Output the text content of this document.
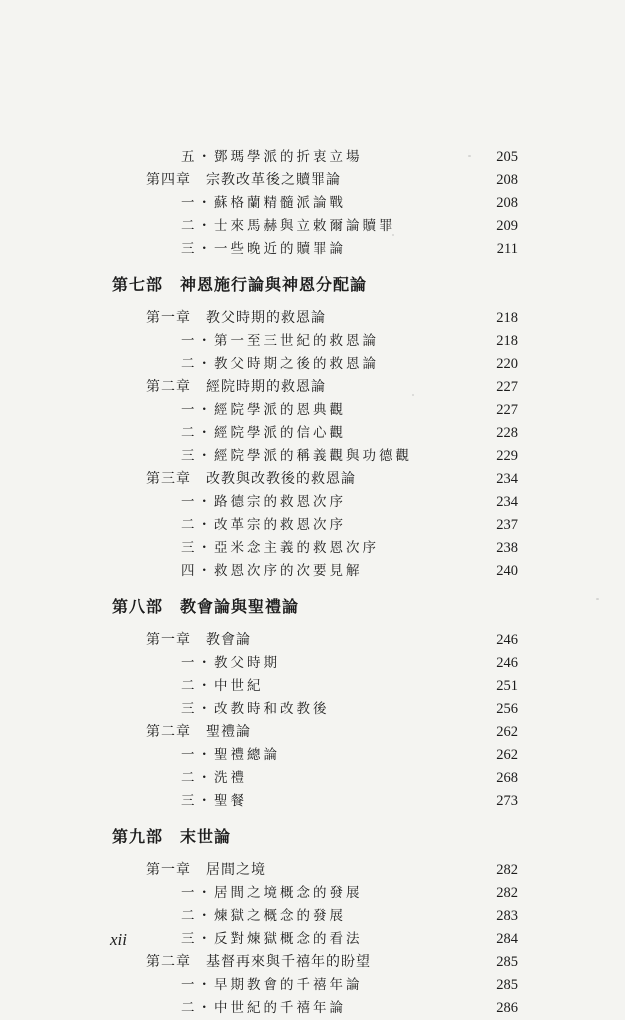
五・鄧瑪學派的折衷立場	205
第四章　宗教改革後之贖罪論	208
一・蘇格蘭精髓派論戰	208
二・士來馬赫與立敕爾論贖罪	209
三・一些晚近的贖罪論	211
第七部　神恩施行論與神恩分配論
第一章　教父時期的救恩論	218
一・第一至三世紀的救恩論	218
二・教父時期之後的救恩論	220
第二章　經院時期的救恩論	227
一・經院學派的恩典觀	227
二・經院學派的信心觀	228
三・經院學派的稱義觀與功德觀	229
第三章　改教與改教後的救恩論	234
一・路德宗的救恩次序	234
二・改革宗的救恩次序	237
三・亞米念主義的救恩次序	238
四・救恩次序的次要見解	240
第八部　教會論與聖禮論
第一章　教會論	246
一・教父時期	246
二・中世紀	251
三・改教時和改教後	256
第二章　聖禮論	262
一・聖禮總論	262
二・洗禮	268
三・聖餐	273
第九部　末世論
第一章　居間之境	282
一・居間之境概念的發展	282
二・煉獄之概念的發展	283
三・反對煉獄概念的看法	284
第二章　基督再來與千禧年的盼望	285
一・早期教會的千禧年論	285
二・中世紀的千禧年論	286
xii
